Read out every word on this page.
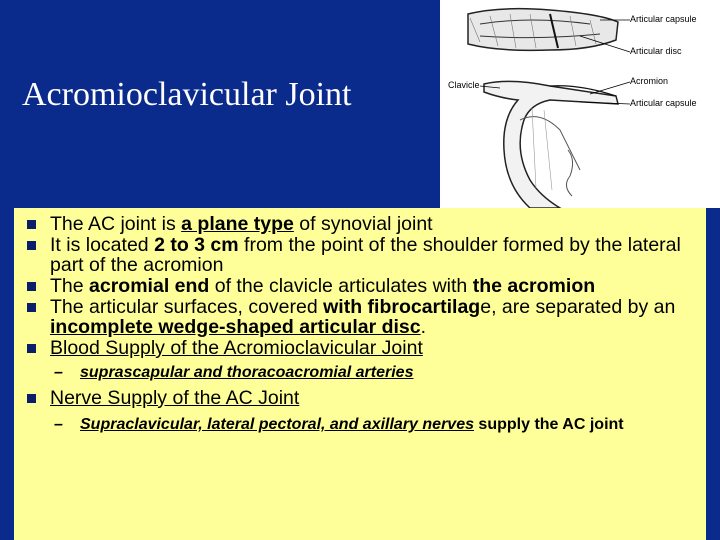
Acromioclavicular Joint
Articular capsule
Articular disc
Clavicle	Acromion
Articular capsule
The AC joint is a plane type of synovial joint
It is located 2 to 3 cm from the point of the shoulder formed by the lateral part of the acromion
The acromial end of the clavicle articulates with the acromion
The articular surfaces, covered with fibrocartilage, are separated by an incomplete wedge-shaped articular disc.
Blood Supply of the Acromioclavicular Joint
– suprascapular and thoracoacromial arteries
Nerve Supply of the AC Joint
– Supraclavicular, lateral pectoral, and axillary nerves supply the AC joint
